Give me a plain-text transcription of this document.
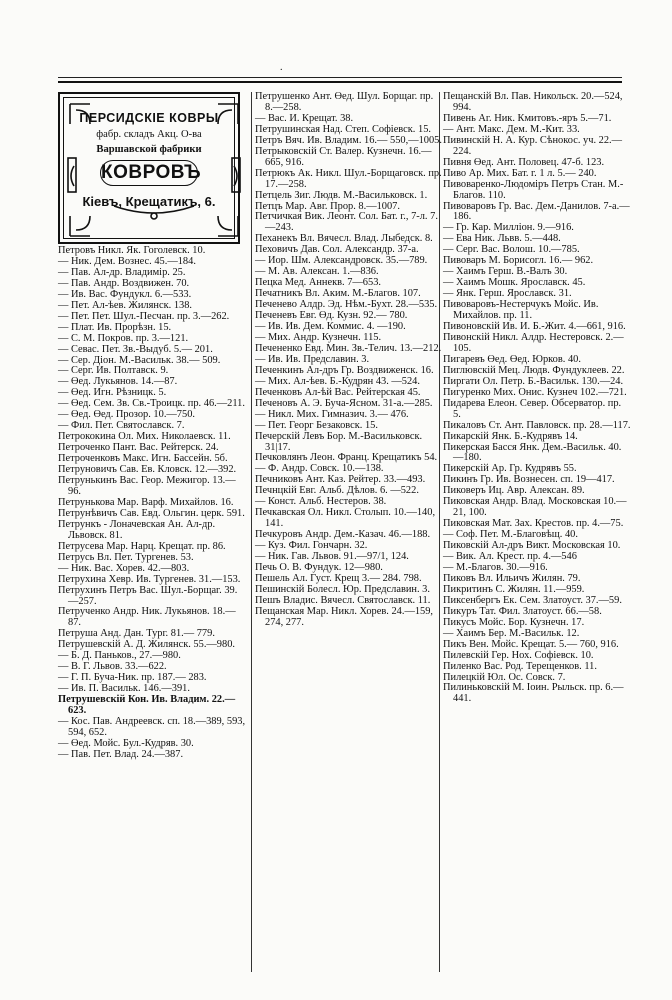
.
ПЕРСИДСКIЕ КОВРЫ
фабр. складъ Акц. О-ва
Варшавской фабрики
КОВРОВЪ
Кiевъ, Крещатикъ, 6.
Петровъ Никл. Як. Гоголевск. 10.
— Ник. Дем. Вознес. 45.—184.
— Пав. Ал-др. Владимір. 25.
— Пав. Андр. Воздвижен. 70.
— Ив. Вас. Фундукл. 6.—533.
— Пет. Ал-ѣев. Жилянск. 138.
— Пет. Пет. Шул.-Песчан. пр. 3.—262.
— Плат. Ив. Прорѣзн. 15.
— С. М. Покров. пр. 3.—121.
— Севас. Пет. Зв.-Выдуб. 5.— 201.
— Сер. Діон. М.-Васильк. 38.— 509.
— Серг. Ив. Полтавск. 9.
— Өед. Лукьянов. 14.—87.
— Өед. Игн. Рѣзницк. 5.
— Өед. Сем. Зв. Св.-Троицк. пр. 46.—211.
— Өед. Өед. Прозор. 10.—750.
— Фил. Пет. Святославск. 7.
Петрококина Ол. Мих. Николаевск. 11.
Петроченко Пант. Вас. Рейтерск. 24.
Петроченковъ Макс. Игн. Бассейн. 5б.
Петруновичъ Сав. Ев. Кловск. 12.—392.
Петрунькинъ Вас. Геор. Межигор. 13.—96.
Петрунькова Мар. Варф. Михайлов. 16.
Петрунѣвичъ Сав. Евд. Ольгин. церк. 591.
Петрункъ - Лоначевская Ан. Ал-др. Львовск. 81.
Петрусева Мар. Нарц. Крещат. пр. 86.
Петрусь Вл. Пет. Тургенев. 53.
— Ник. Вас. Хорев. 42.—803.
Петрухина Хевр. Ив. Тургенев. 31.—153.
Петрухинъ Петръ Вас. Шул.-Борщаг. 39.—257.
Петрученко Андр. Ник. Лукьянов. 18.—87.
Петруша Анд. Дан. Тург. 81.— 779.
Петрушевскій А. Д. Жилянск. 55.—980.
— Б. Д. Паньков., 27.—980.
— В. Г. Львов. 33.—622.
— Г. П. Буча-Ник. пр. 187.— 283.
— Ив. П. Васильк. 146.—391.
Петрушевскій Кон. Ив. Владим. 22.—623.
— Кос. Пав. Андреевск. сп. 18.—389, 593, 594, 652.
— Өед. Мойс. Бул.-Кудряв. 30.
— Пав. Пет. Влад. 24.—387.
Петрушенко Ант. Өед. Шул. Борщаг. пр. 8.—258.
— Вас. И. Крещат. 38.
Петрушинская Над. Степ. Софіевск. 15.
Петръ Вяч. Ив. Владим. 16.— 550,—1005.
Петрыковскій Ст. Валер. Кузнечн. 16.—665, 916.
Петрюкъ Ак. Никл. Шул.-Борщаговск. пр. 17.—258.
Петцель Зиг. Людв. М.-Васильковск. 1.
Петцъ Мар. Авг. Прор. 8.—1007.
Петчичкая Вик. Леонт. Сол. Бат. г., 7-л. 7.—243.
Пеханекъ Вл. Вячесл. Влад. Лыбедск. 8.
Пеховичъ Дав. Сол. Александр. 37-а.
— Иор. Шм. Александровск. 35.—789.
— М. Ав. Алексан. 1.—836.
Пецка Мед. Аннекв. 7—653.
Печатникъ Вл. Аким. М.-Благов. 107.
Печенево Алдр. Эд. Нѣм.-Бухт. 28.—535.
Печеневъ Евг. Өд. Кузн. 92.— 780.
— Ив. Ив. Дем. Коммис. 4. —190.
— Мих. Андр. Кузнечн. 115.
Печененко Евд. Мин. Зв.-Телич. 13.—212.
— Ив. Ив. Предславин. 3.
Печенкинъ Ал-дръ Гр. Воздвиженск. 16.
— Мих. Ал-ѣев. Б.-Кудрян 43. —524.
Печенковъ Ал-ѣй Вас. Рейтерская 45.
Печеновъ А. Э. Буча-Ясном. 31-а.—285.
— Никл. Мих. Гимназич. 3.— 476.
— Пет. Георг Безаковск. 15.
Печерскій Левъ Бор. М.-Васильковск. 31|17.
Печковлянъ Леон. Франц. Крещатикъ 54.
— Ф. Андр. Совск. 10.—138.
Печниковъ Ант. Каз. Рейтер. 33.—493.
Печнцкій Евг. Альб. Дѣлов. 6. —522.
— Конст. Альб. Нестеров. 38.
Печкавская Ол. Никл. Столып. 10.—140, 141.
Печкуровъ Андр. Дем.-Казач. 46.—188.
— Куз. Фил. Гончарн. 32.
— Ник. Гав. Львов. 91.—97/1, 124.
Печь О. В. Фундук. 12—980.
Пешель Ал. Густ. Крещ 3.— 284. 798.
Пешинскій Болесл. Юр. Предславин. 3.
Пешъ Владис. Вячесл. Святославск. 11.
Пещанская Мар. Никл. Хорев. 24.—159, 274, 277.
Пещанскій Вл. Пав. Никольск. 20.—524, 994.
Пивень Аг. Ник. Кмитовъ.-яръ 5.—71.
— Ант. Макс. Дем. М.-Кит. 33.
Пивинскій Н. А. Кур. Сѣнокос. уч. 22.—224.
Пивня Өед. Ант. Половец. 47-б. 123.
Пиво Ар. Мих. Бат. г. 1 л. 5.— 240.
Пивоваренко-Людоміръ Петръ Стан. М.-Благов. 110.
Пивоваровъ Гр. Вас. Дем.-Данилов. 7-а.—186.
— Гр. Кар. Милліон. 9.—916.
— Ева Ник. Львв. 5.—448.
— Серг. Вас. Волош. 10.—785.
Пивоваръ М. Борисогл. 16.— 962.
— Хаимъ Герш. В.-Валъ 30.
— Хаимъ Мошк. Ярославск. 45.
— Янк. Герш. Ярославск. 31.
Пивоваровъ-Нестерчукъ Мойс. Ив. Михайлов. пр. 11.
Пивоновскій Ив. И. Б.-Жит. 4.—661, 916.
Пивонскій Никл. Алдр. Нестеровск. 2.—105.
Пигаревъ Өед. Өед. Юрков. 40.
Пиглювскій Мец. Людв. Фундуклеев. 22.
Пиргати Ол. Петр. Б.-Васильк. 130.—24.
Пигуренко Мих. Онис. Кузнеч 102.—721.
Пидарева Елеон. Север. Обсерватор. пр. 5.
Пикаловъ Ст. Ант. Павловск. пр. 28.—117.
Пикарскій Янк. Б.-Кудрявъ 14.
Пикерская Басся Янк. Дем.-Васильк. 40.—180.
Пикерскій Ар. Гр. Кудрявъ 55.
Пикинъ Гр. Ив. Вознесен. сп. 19—417.
Пиковеръ Иц. Авр. Алексан. 89.
Пиковская Андр. Влад. Московская 10.—21, 100.
Пиковская Мат. Зах. Крестов. пр. 4.—75.
— Соф. Пет. М.-Благовѣщ. 40.
Пиковскій Ал-дръ Викт. Московская 10.
— Вик. Ал. Крест. пр. 4.—546
— М.-Благов. 30.—916.
Пиковъ Вл. Ильичъ Жилян. 79.
Пикритинъ С. Жилян. 11.—959.
Пиксенбергъ Ек. Сем. Златоуст. 37.—59.
Пикуръ Тат. Фил. Златоуст. 66.—58.
Пикусъ Мойс. Бор. Кузнечн. 17.
— Хаимъ Бер. М.-Васильк. 12.
Пикъ Вен. Мойс. Крещат. 5.— 760, 916.
Пилевскій Гер. Нох. Софіевск. 10.
Пиленко Вас. Род. Терещенков. 11.
Пилецкій Юл. Ос. Совск. 7.
Пилиньковскій М. Іоин. Рыльск. пр. 6.—441.
